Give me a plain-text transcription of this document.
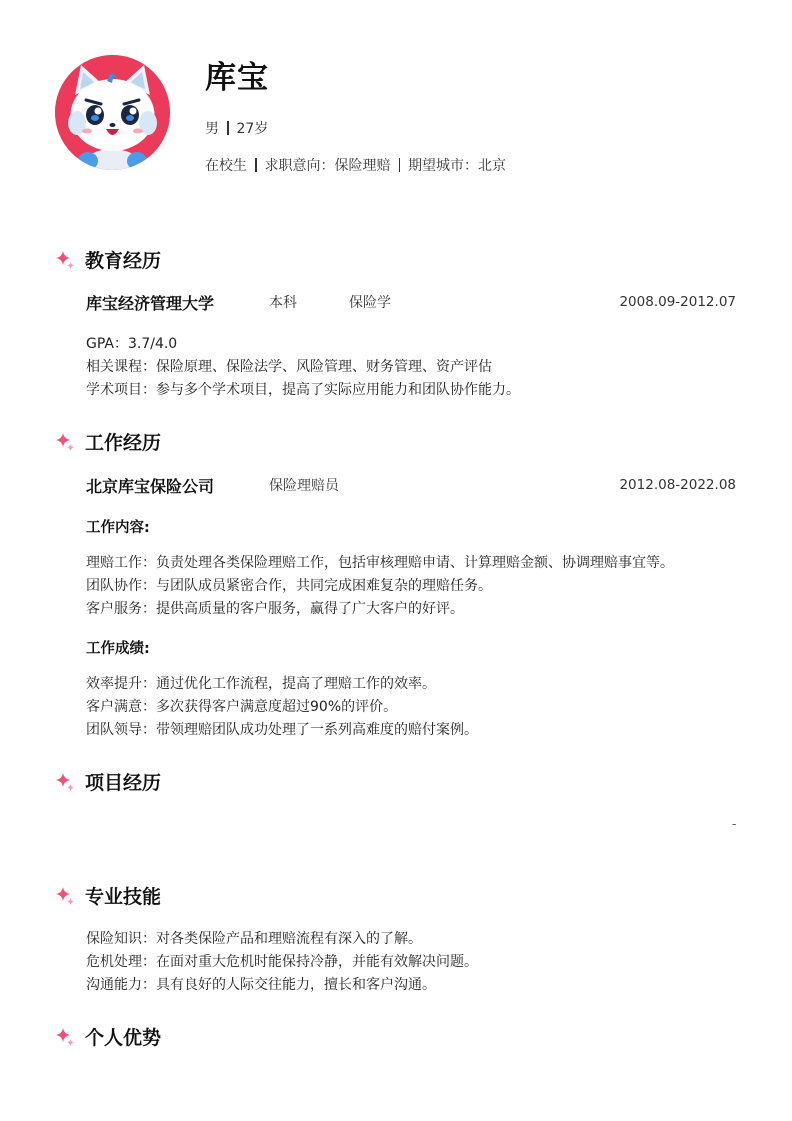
库宝
男 27岁
在校生 求职意向：保险理赔 期望城市：北京
教育经历
库宝经济管理大学	本科	保险学	2008.09-2012.07
GPA：3.7/4.0
相关课程：保险原理、保险法学、风险管理、财务管理、资产评估
学术项目：参与多个学术项目，提高了实际应用能力和团队协作能力。
工作经历
北京库宝保险公司	保险理赔员	2012.08-2022.08
工作内容:
理赔工作：负责处理各类保险理赔工作，包括审核理赔申请、计算理赔金额、协调理赔事宜等。
团队协作：与团队成员紧密合作，共同完成困难复杂的理赔任务。
客户服务：提供高质量的客户服务，赢得了广大客户的好评。
工作成绩:
效率提升：通过优化工作流程，提高了理赔工作的效率。
客户满意：多次获得客户满意度超过90%的评价。
团队领导：带领理赔团队成功处理了一系列高难度的赔付案例。
项目经历
-
专业技能
保险知识：对各类保险产品和理赔流程有深入的了解。
危机处理：在面对重大危机时能保持冷静，并能有效解决问题。
沟通能力：具有良好的人际交往能力，擅长和客户沟通。
个人优势
